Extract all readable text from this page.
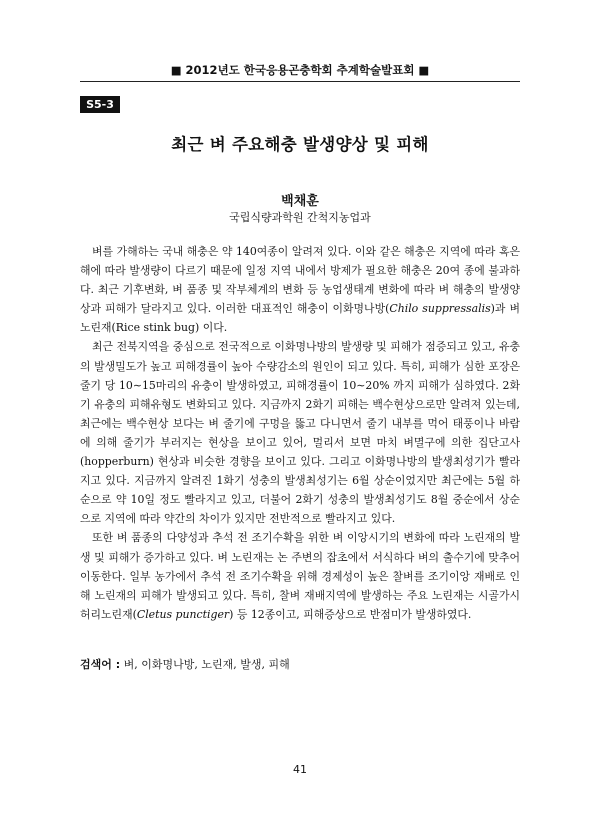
■ 2012년도 한국응용곤충학회 추계학술발표회 ■
S5-3
최근 벼 주요해충 발생양상 및 피해
백채훈
국립식량과학원 간척지농업과

벼를 가해하는 국내 해충은 약 140여종이 알려져 있다. 이와 같은 해충은 지역에 따라 혹은 해에 따라 발생량이 다르기 때문에 일정 지역 내에서 방제가 필요한 해충은 20여 종에 불과하다. 최근 기후변화, 벼 품종 및 작부체계의 변화 등 농업생태계 변화에 따라 벼 해충의 발생양상과 피해가 달라지고 있다. 이러한 대표적인 해충이 이화명나방(Chilo suppressalis)과 벼 노린재(Rice stink bug) 이다.

최근 전북지역을 중심으로 전국적으로 이화명나방의 발생량 및 피해가 점증되고 있고, 유충의 발생밀도가 높고 피해경률이 높아 수량감소의 원인이 되고 있다. 특히, 피해가 심한 포장은 줄기 당 10∼15마리의 유충이 발생하였고, 피해경률이 10∼20% 까지 피해가 심하였다. 2화기 유충의 피해유형도 변화되고 있다. 지금까지 2화기 피해는 백수현상으로만 알려져 있는데, 최근에는 백수현상 보다는 벼 줄기에 구멍을 뚫고 다니면서 줄기 내부를 먹어 태풍이나 바람에 의해 줄기가 부러지는 현상을 보이고 있어, 멀리서 보면 마치 벼멸구에 의한 집단고사(hopperburn) 현상과 비슷한 경향을 보이고 있다. 그리고 이화명나방의 발생최성기가 빨라지고 있다. 지금까지 알려진 1화기 성충의 발생최성기는 6월 상순이었지만 최근에는 5월 하순으로 약 10일 정도 빨라지고 있고, 더불어 2화기 성충의 발생최성기도 8월 중순에서 상순으로 지역에 따라 약간의 차이가 있지만 전반적으로 빨라지고 있다.

또한 벼 품종의 다양성과 추석 전 조기수확을 위한 벼 이앙시기의 변화에 따라 노린재의 발생 및 피해가 증가하고 있다. 벼 노린재는 논 주변의 잡초에서 서식하다 벼의 출수기에 맞추어 이동한다. 일부 농가에서 추석 전 조기수확을 위해 경제성이 높은 찰벼를 조기이앙 재배로 인해 노린재의 피해가 발생되고 있다. 특히, 찰벼 재배지역에 발생하는 주요 노린재는 시골가시허리노린재(Cletus punctiger) 등 12종이고, 피해증상으로 반점미가 발생하였다.

검색어 : 벼, 이화명나방, 노린재, 발생, 피해
41
